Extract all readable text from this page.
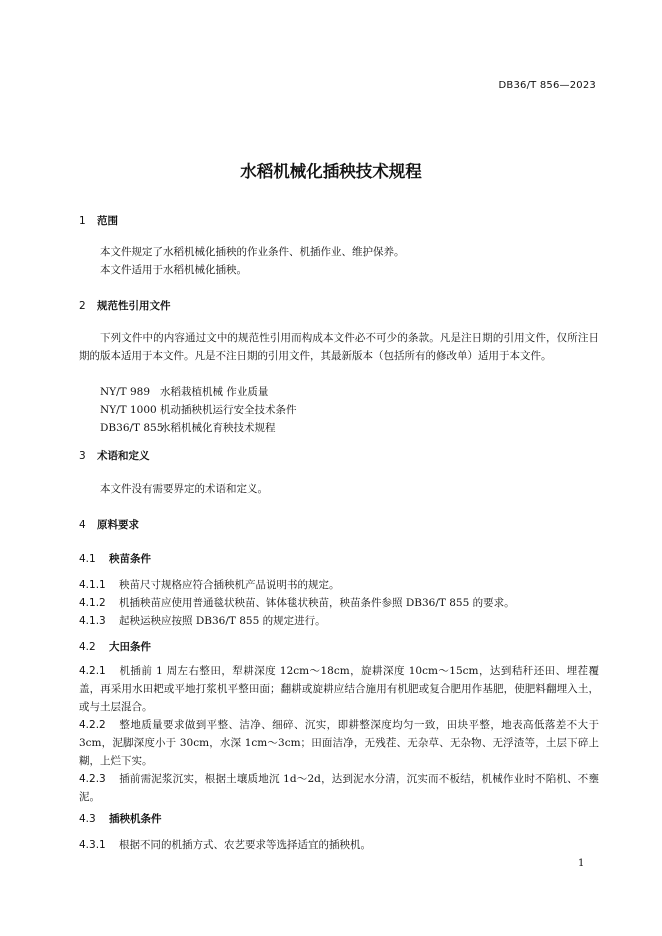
DB36/T 856—2023
水稻机械化插秧技术规程
1 范围
本文件规定了水稻机械化插秧的作业条件、机插作业、维护保养。
本文件适用于水稻机械化插秧。
2 规范性引用文件
下列文件中的内容通过文中的规范性引用而构成本文件必不可少的条款。凡是注日期的引用文件，仅所注日期的版本适用于本文件。凡是不注日期的引用文件，其最新版本（包括所有的修改单）适用于本文件。
NY/T 989 水稻栽植机械 作业质量
NY/T 1000 机动插秧机运行安全技术条件
DB36/T 855水稻机械化育秧技术规程
3 术语和定义
本文件没有需要界定的术语和定义。
4 原料要求
4.1 秧苗条件
4.1.1 秧苗尺寸规格应符合插秧机产品说明书的规定。
4.1.2 机插秧苗应使用普通毯状秧苗、钵体毯状秧苗，秧苗条件参照 DB36/T 855 的要求。
4.1.3 起秧运秧应按照 DB36/T 855 的规定进行。
4.2 大田条件
4.2.1 机插前 1 周左右整田，犁耕深度 12cm～18cm，旋耕深度 10cm～15cm，达到秸秆还田、埋茬覆盖，再采用水田耙或平地打浆机平整田面；翻耕或旋耕应结合施用有机肥或复合肥用作基肥，使肥料翻埋入土，或与土层混合。
4.2.2 整地质量要求做到平整、洁净、细碎、沉实，即耕整深度均匀一致，田块平整，地表高低落差不大于 3cm，泥脚深度小于 30cm，水深 1cm～3cm；田面洁净，无残茬、无杂草、无杂物、无浮渣等，土层下碎上糊，上烂下实。
4.2.3 插前需泥浆沉实，根据土壤质地沉 1d～2d，达到泥水分清，沉实而不板结，机械作业时不陷机、不壅泥。
4.3 插秧机条件
4.3.1 根据不同的机插方式、农艺要求等选择适宜的插秧机。
1
